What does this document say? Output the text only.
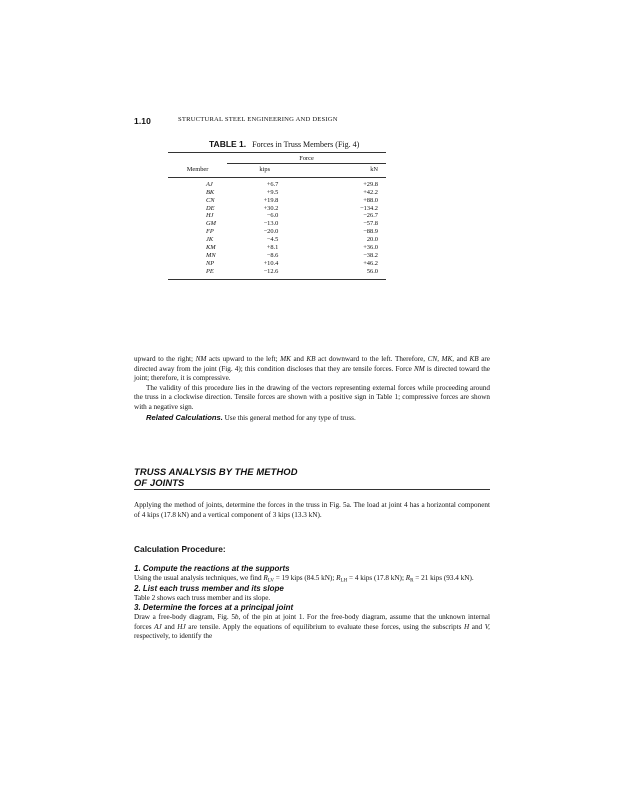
1.10	STRUCTURAL STEEL ENGINEERING AND DESIGN
TABLE 1. Forces in Truss Members (Fig. 4)

	Force	

Member	kips	kN

AJ	+6.7	+29.8
BK	+9.5	+42.2
CN	+19.8	+88.0
DE	+30.2	−134.2
HJ	−6.0	−26.7
GM	−13.0	−57.8
FP	−20.0	−88.9
JK	−4.5	20.0
KM	+8.1	+36.0
MN	−8.6	−38.2
NP	+10.4	+46.2
PE	−12.6	56.0

upward to the right; NM acts upward to the left; MK and KB act downward to the left. Therefore, CN, MK, and KB are directed away from the joint (Fig. 4); this condition discloses that they are tensile forces. Force NM is directed toward the joint; therefore, it is compressive.

The validity of this procedure lies in the drawing of the vectors representing external forces while proceeding around the truss in a clockwise direction. Tensile forces are shown with a positive sign in Table 1; compressive forces are shown with a negative sign.

Related Calculations. Use this general method for any type of truss.

TRUSS ANALYSIS BY THE METHOD
OF JOINTS

Applying the method of joints, determine the forces in the truss in Fig. 5a. The load at joint 4 has a horizontal component of 4 kips (17.8 kN) and a vertical component of 3 kips (13.3 kN).

Calculation Procedure:

1. Compute the reactions at the supports

Using the usual analysis techniques, we find $R_{LV} = 19$ kips (84.5 kN); $R_{LH} = 4$ kips (17.8 kN); $R_R = 21$ kips (93.4 kN).

2. List each truss member and its slope

Table 2 shows each truss member and its slope.

3. Determine the forces at a principal joint

Draw a free-body diagram, Fig. 5b, of the pin at joint 1. For the free-body diagram, assume that the unknown internal forces AJ and HJ are tensile. Apply the equations of equilibrium to evaluate these forces, using the subscripts H and V, respectively, to identify the
